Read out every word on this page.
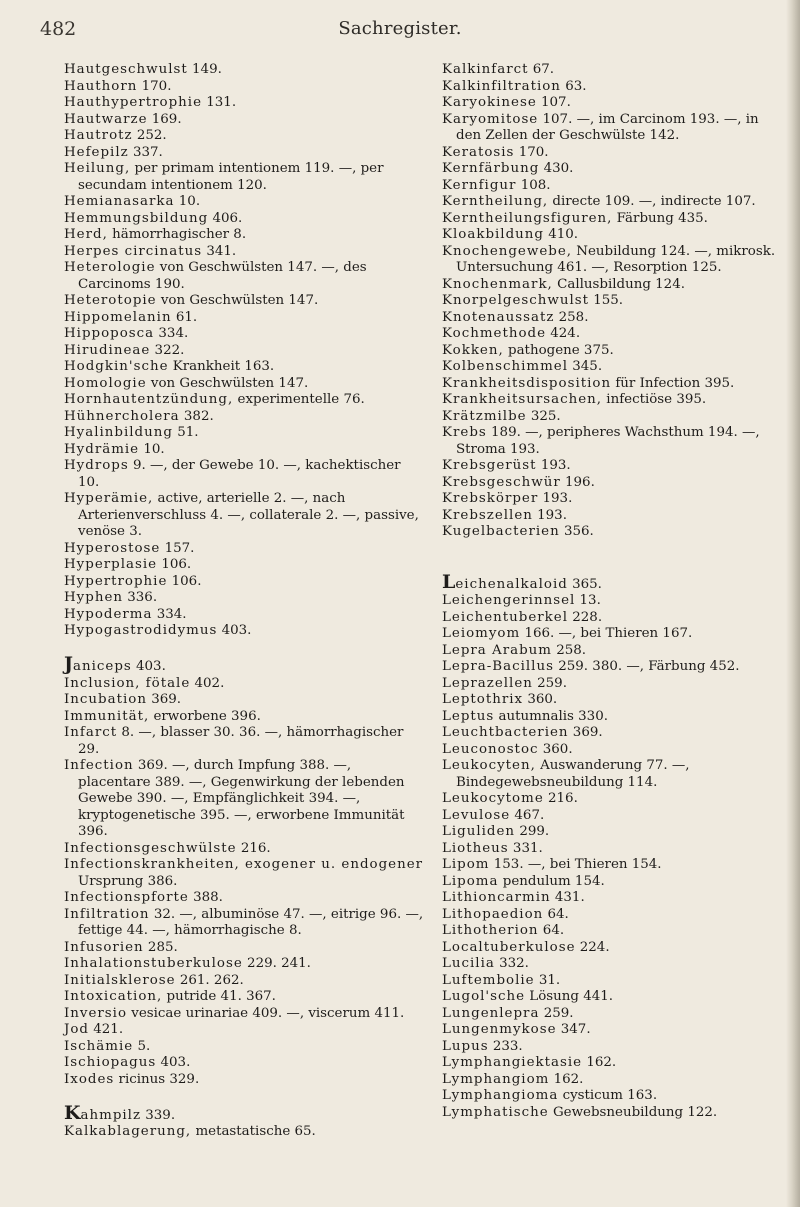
482	Sachregister.

Hautgeschwulst 149.

Hauthorn 170.

Hauthypertrophie 131.

Hautwarze 169.

Hautrotz 252.

Hefepilz 337.

Heilung, per primam intentionem 119. —, per secundam intentionem 120.

Hemianasarka 10.

Hemmungsbildung 406.

Herd, hämorrhagischer 8.

Herpes circinatus 341.

Heterologie von Geschwülsten 147. —, des Carcinoms 190.

Heterotopie von Geschwülsten 147.

Hippomelanin 61.

Hippoposca 334.

Hirudineae 322.

Hodgkin'sche Krankheit 163.

Homologie von Geschwülsten 147.

Hornhautentzündung, experimentelle 76.

Hühnercholera 382.

Hyalinbildung 51.

Hydrämie 10.

Hydrops 9. —, der Gewebe 10. —, kachektischer 10.

Hyperämie, active, arterielle 2. —, nach Arterienverschluss 4. —, collaterale 2. —, passive, venöse 3.

Hyperostose 157.

Hyperplasie 106.

Hypertrophie 106.

Hyphen 336.

Hypoderma 334.

Hypogastrodidymus 403.

Janiceps 403.

Inclusion, fötale 402.

Incubation 369.

Immunität, erworbene 396.

Infarct 8. —, blasser 30. 36. —, hämorrhagischer 29.

Infection 369. —, durch Impfung 388. —, placentare 389. —, Gegenwirkung der lebenden Gewebe 390. —, Empfänglichkeit 394. —, kryptogenetische 395. —, erworbene Immunität 396.

Infectionsgeschwülste 216.

Infectionskrankheiten, exogener u. endogener Ursprung 386.

Infectionspforte 388.

Infiltration 32. —, albuminöse 47. —, eitrige 96. —, fettige 44. —, hämorrhagische 8.

Infusorien 285.

Inhalationstuberkulose 229. 241.

Initialsklerose 261. 262.

Intoxication, putride 41. 367.

Inversio vesicae urinariae 409. —, viscerum 411.

Jod 421.

Ischämie 5.

Ischiopagus 403.

Ixodes ricinus 329.

Kahmpilz 339.

Kalkablagerung, metastatische 65.

Kalkinfarct 67.

Kalkinfiltration 63.

Karyokinese 107.

Karyomitose 107. —, im Carcinom 193. —, in den Zellen der Geschwülste 142.

Keratosis 170.

Kernfärbung 430.

Kernfigur 108.

Kerntheilung, directe 109. —, indirecte 107.

Kerntheilungsfiguren, Färbung 435.

Kloakbildung 410.

Knochengewebe, Neubildung 124. —, mikrosk. Untersuchung 461. —, Resorption 125.

Knochenmark, Callusbildung 124.

Knorpelgeschwulst 155.

Knotenaussatz 258.

Kochmethode 424.

Kokken, pathogene 375.

Kolbenschimmel 345.

Krankheitsdisposition für Infection 395.

Krankheitsursachen, infectiöse 395.

Krätzmilbe 325.

Krebs 189. —, peripheres Wachsthum 194. —, Stroma 193.

Krebsgerüst 193.

Krebsgeschwür 196.

Krebskörper 193.

Krebszellen 193.

Kugelbacterien 356.

Leichenalkaloid 365.

Leichengerinnsel 13.

Leichentuberkel 228.

Leiomyom 166. —, bei Thieren 167.

Lepra Arabum 258.

Lepra-Bacillus 259. 380. —, Färbung 452.

Leprazellen 259.

Leptothrix 360.

Leptus autumnalis 330.

Leuchtbacterien 369.

Leuconostoc 360.

Leukocyten, Auswanderung 77. —, Bindegewebsneubildung 114.

Leukocytome 216.

Levulose 467.

Liguliden 299.

Liotheus 331.

Lipom 153. —, bei Thieren 154.

Lipoma pendulum 154.

Lithioncarmin 431.

Lithopaedion 64.

Lithotherion 64.

Localtuberkulose 224.

Lucilia 332.

Luftembolie 31.

Lugol'sche Lösung 441.

Lungenlepra 259.

Lungenmykose 347.

Lupus 233.

Lymphangiektasie 162.

Lymphangiom 162.

Lymphangioma cysticum 163.

Lymphatische Gewebsneubildung 122.
